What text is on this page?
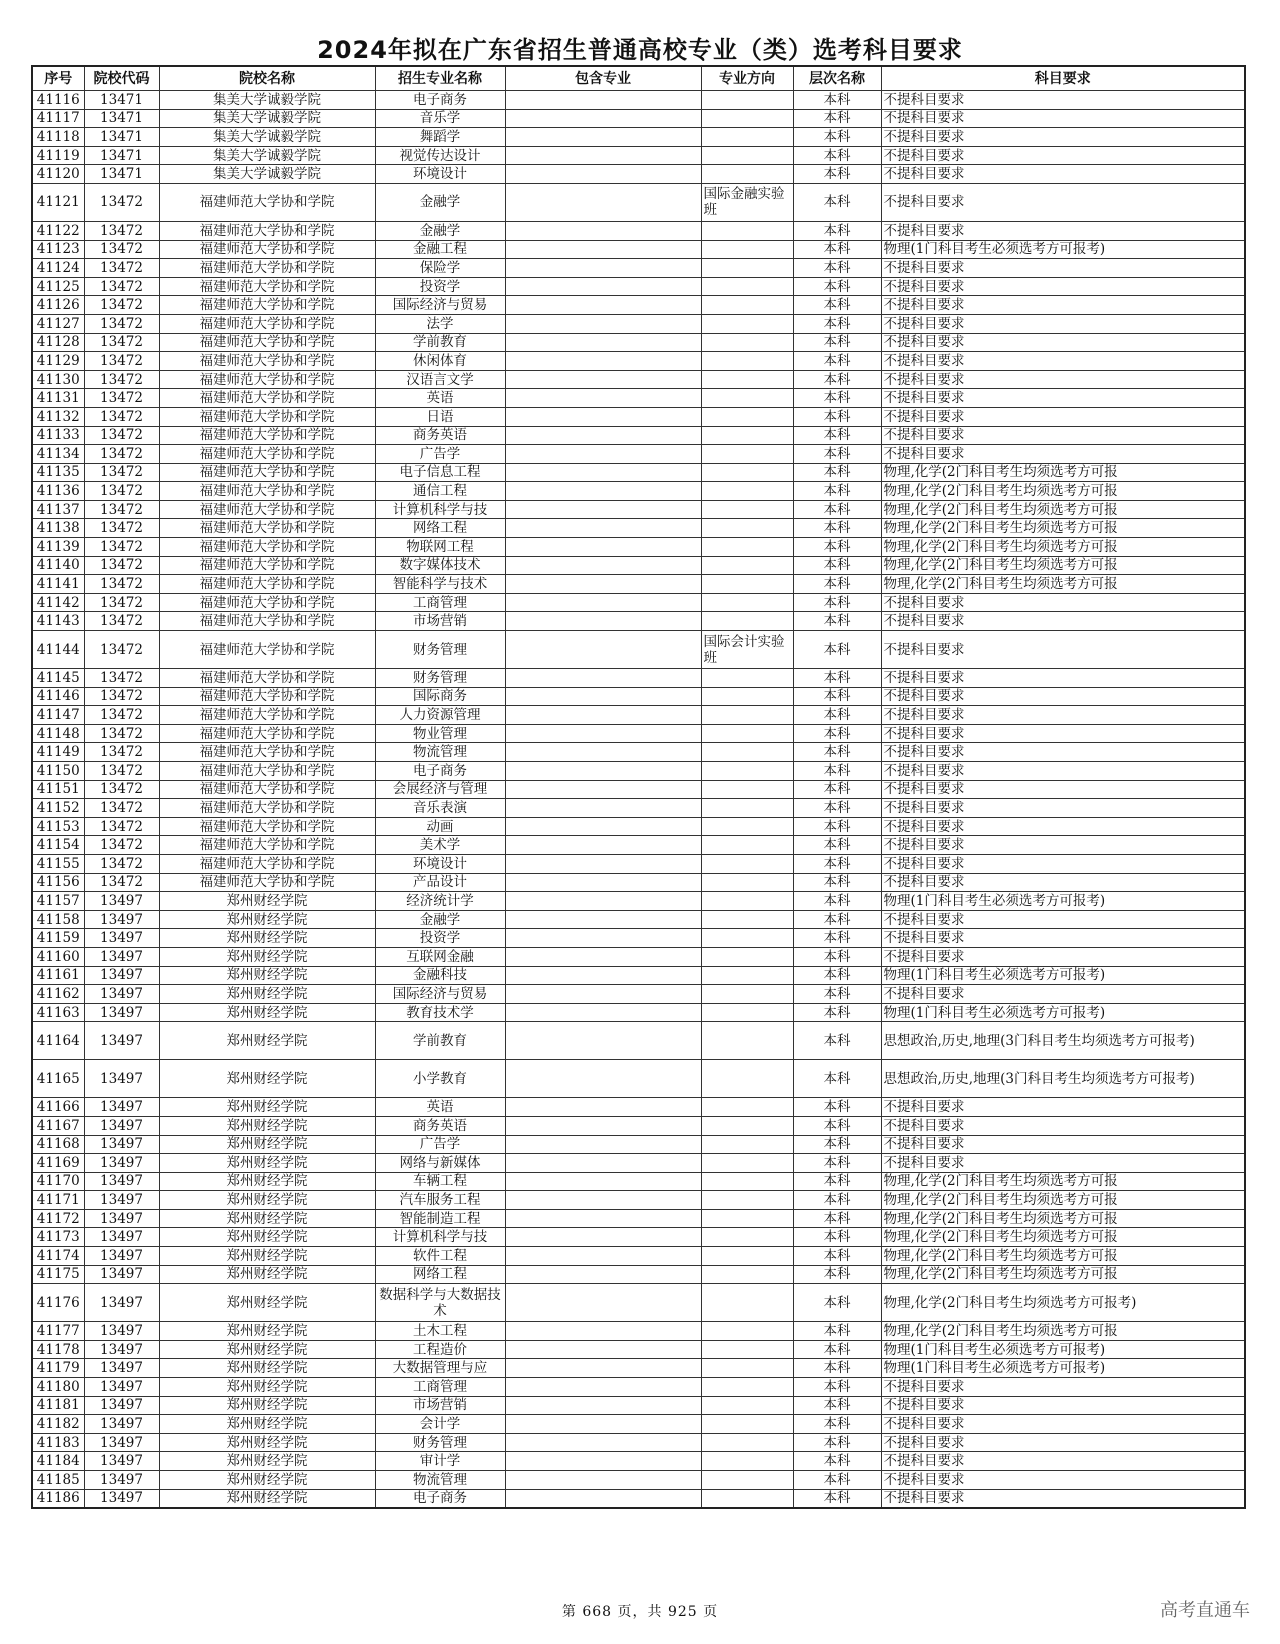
2024年拟在广东省招生普通高校专业（类）选考科目要求
序号	院校代码	院校名称	招生专业名称	包含专业	专业方向	层次名称	科目要求
41116	13471	集美大学诚毅学院	电子商务			本科	不提科目要求
41117	13471	集美大学诚毅学院	音乐学			本科	不提科目要求
41118	13471	集美大学诚毅学院	舞蹈学			本科	不提科目要求
41119	13471	集美大学诚毅学院	视觉传达设计			本科	不提科目要求
41120	13471	集美大学诚毅学院	环境设计			本科	不提科目要求
41121	13472	福建师范大学协和学院	金融学		国际金融实验班	本科	不提科目要求
41122	13472	福建师范大学协和学院	金融学			本科	不提科目要求
41123	13472	福建师范大学协和学院	金融工程			本科	物理(1门科目考生必须选考方可报考)
41124	13472	福建师范大学协和学院	保险学			本科	不提科目要求
41125	13472	福建师范大学协和学院	投资学			本科	不提科目要求
41126	13472	福建师范大学协和学院	国际经济与贸易			本科	不提科目要求
41127	13472	福建师范大学协和学院	法学			本科	不提科目要求
41128	13472	福建师范大学协和学院	学前教育			本科	不提科目要求
41129	13472	福建师范大学协和学院	休闲体育			本科	不提科目要求
41130	13472	福建师范大学协和学院	汉语言文学			本科	不提科目要求
41131	13472	福建师范大学协和学院	英语			本科	不提科目要求
41132	13472	福建师范大学协和学院	日语			本科	不提科目要求
41133	13472	福建师范大学协和学院	商务英语			本科	不提科目要求
41134	13472	福建师范大学协和学院	广告学			本科	不提科目要求
41135	13472	福建师范大学协和学院	电子信息工程			本科	物理,化学(2门科目考生均须选考方可报
41136	13472	福建师范大学协和学院	通信工程			本科	物理,化学(2门科目考生均须选考方可报
41137	13472	福建师范大学协和学院	计算机科学与技			本科	物理,化学(2门科目考生均须选考方可报
41138	13472	福建师范大学协和学院	网络工程			本科	物理,化学(2门科目考生均须选考方可报
41139	13472	福建师范大学协和学院	物联网工程			本科	物理,化学(2门科目考生均须选考方可报
41140	13472	福建师范大学协和学院	数字媒体技术			本科	物理,化学(2门科目考生均须选考方可报
41141	13472	福建师范大学协和学院	智能科学与技术			本科	物理,化学(2门科目考生均须选考方可报
41142	13472	福建师范大学协和学院	工商管理			本科	不提科目要求
41143	13472	福建师范大学协和学院	市场营销			本科	不提科目要求
41144	13472	福建师范大学协和学院	财务管理		国际会计实验班	本科	不提科目要求
41145	13472	福建师范大学协和学院	财务管理			本科	不提科目要求
41146	13472	福建师范大学协和学院	国际商务			本科	不提科目要求
41147	13472	福建师范大学协和学院	人力资源管理			本科	不提科目要求
41148	13472	福建师范大学协和学院	物业管理			本科	不提科目要求
41149	13472	福建师范大学协和学院	物流管理			本科	不提科目要求
41150	13472	福建师范大学协和学院	电子商务			本科	不提科目要求
41151	13472	福建师范大学协和学院	会展经济与管理			本科	不提科目要求
41152	13472	福建师范大学协和学院	音乐表演			本科	不提科目要求
41153	13472	福建师范大学协和学院	动画			本科	不提科目要求
41154	13472	福建师范大学协和学院	美术学			本科	不提科目要求
41155	13472	福建师范大学协和学院	环境设计			本科	不提科目要求
41156	13472	福建师范大学协和学院	产品设计			本科	不提科目要求
41157	13497	郑州财经学院	经济统计学			本科	物理(1门科目考生必须选考方可报考)
41158	13497	郑州财经学院	金融学			本科	不提科目要求
41159	13497	郑州财经学院	投资学			本科	不提科目要求
41160	13497	郑州财经学院	互联网金融			本科	不提科目要求
41161	13497	郑州财经学院	金融科技			本科	物理(1门科目考生必须选考方可报考)
41162	13497	郑州财经学院	国际经济与贸易			本科	不提科目要求
41163	13497	郑州财经学院	教育技术学			本科	物理(1门科目考生必须选考方可报考)
41164	13497	郑州财经学院	学前教育			本科	思想政治,历史,地理(3门科目考生均须选考方可报考)
41165	13497	郑州财经学院	小学教育			本科	思想政治,历史,地理(3门科目考生均须选考方可报考)
41166	13497	郑州财经学院	英语			本科	不提科目要求
41167	13497	郑州财经学院	商务英语			本科	不提科目要求
41168	13497	郑州财经学院	广告学			本科	不提科目要求
41169	13497	郑州财经学院	网络与新媒体			本科	不提科目要求
41170	13497	郑州财经学院	车辆工程			本科	物理,化学(2门科目考生均须选考方可报
41171	13497	郑州财经学院	汽车服务工程			本科	物理,化学(2门科目考生均须选考方可报
41172	13497	郑州财经学院	智能制造工程			本科	物理,化学(2门科目考生均须选考方可报
41173	13497	郑州财经学院	计算机科学与技			本科	物理,化学(2门科目考生均须选考方可报
41174	13497	郑州财经学院	软件工程			本科	物理,化学(2门科目考生均须选考方可报
41175	13497	郑州财经学院	网络工程			本科	物理,化学(2门科目考生均须选考方可报
41176	13497	郑州财经学院	数据科学与大数据技术			本科	物理,化学(2门科目考生均须选考方可报考)
41177	13497	郑州财经学院	土木工程			本科	物理,化学(2门科目考生均须选考方可报
41178	13497	郑州财经学院	工程造价			本科	物理(1门科目考生必须选考方可报考)
41179	13497	郑州财经学院	大数据管理与应			本科	物理(1门科目考生必须选考方可报考)
41180	13497	郑州财经学院	工商管理			本科	不提科目要求
41181	13497	郑州财经学院	市场营销			本科	不提科目要求
41182	13497	郑州财经学院	会计学			本科	不提科目要求
41183	13497	郑州财经学院	财务管理			本科	不提科目要求
41184	13497	郑州财经学院	审计学			本科	不提科目要求
41185	13497	郑州财经学院	物流管理			本科	不提科目要求
41186	13497	郑州财经学院	电子商务			本科	不提科目要求
第 668 页，共 925 页	高考直通车
